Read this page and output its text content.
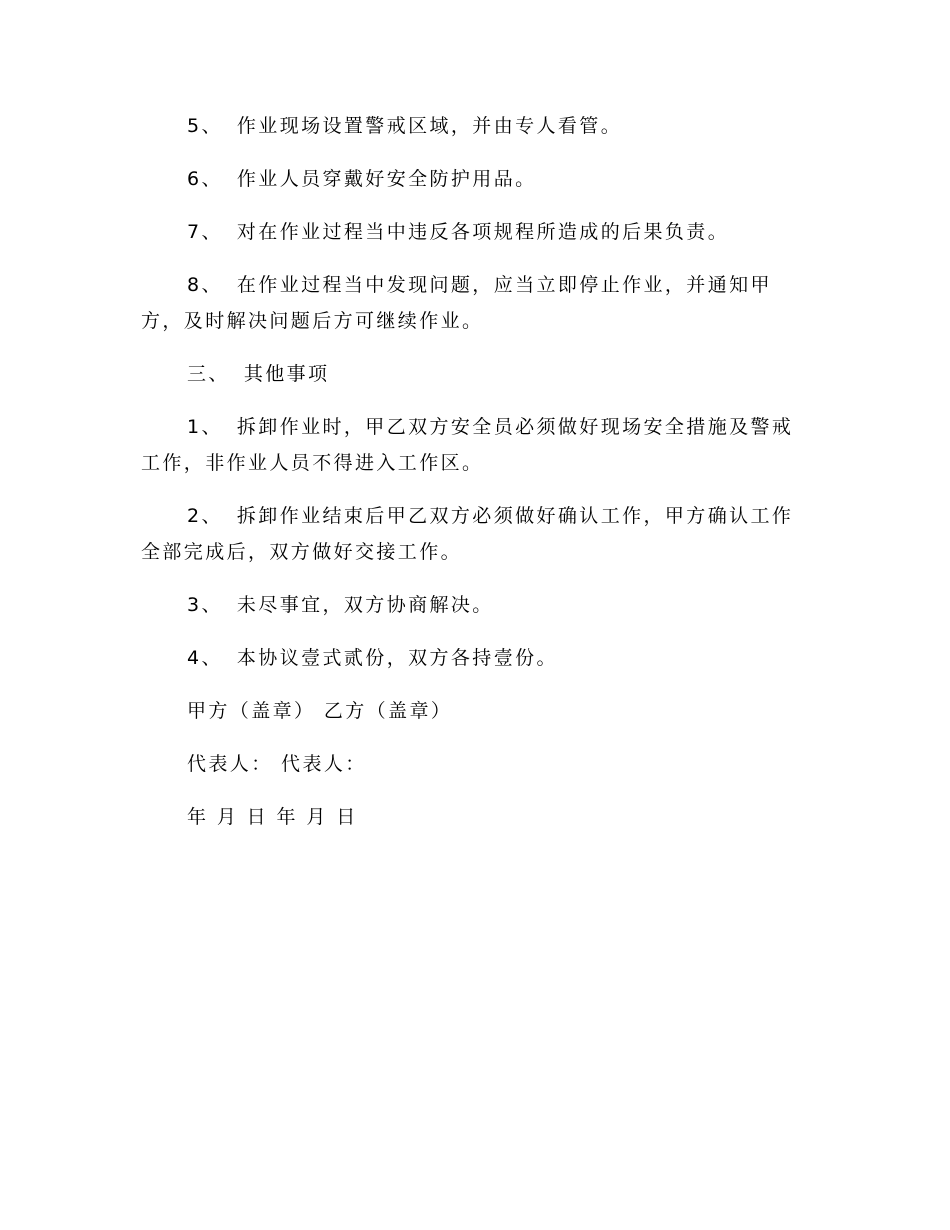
5、 作业现场设置警戒区域，并由专人看管。

6、 作业人员穿戴好安全防护用品。

7、 对在作业过程当中违反各项规程所造成的后果负责。

8、 在作业过程当中发现问题，应当立即停止作业，并通知甲方，及时解决问题后方可继续作业。

三、 其他事项

1、 拆卸作业时，甲乙双方安全员必须做好现场安全措施及警戒工作，非作业人员不得进入工作区。

2、 拆卸作业结束后甲乙双方必须做好确认工作，甲方确认工作全部完成后，双方做好交接工作。

3、 未尽事宜，双方协商解决。

4、 本协议壹式贰份，双方各持壹份。

甲方（盖章） 乙方（盖章）

代表人： 代表人：

年 月 日 年 月 日
